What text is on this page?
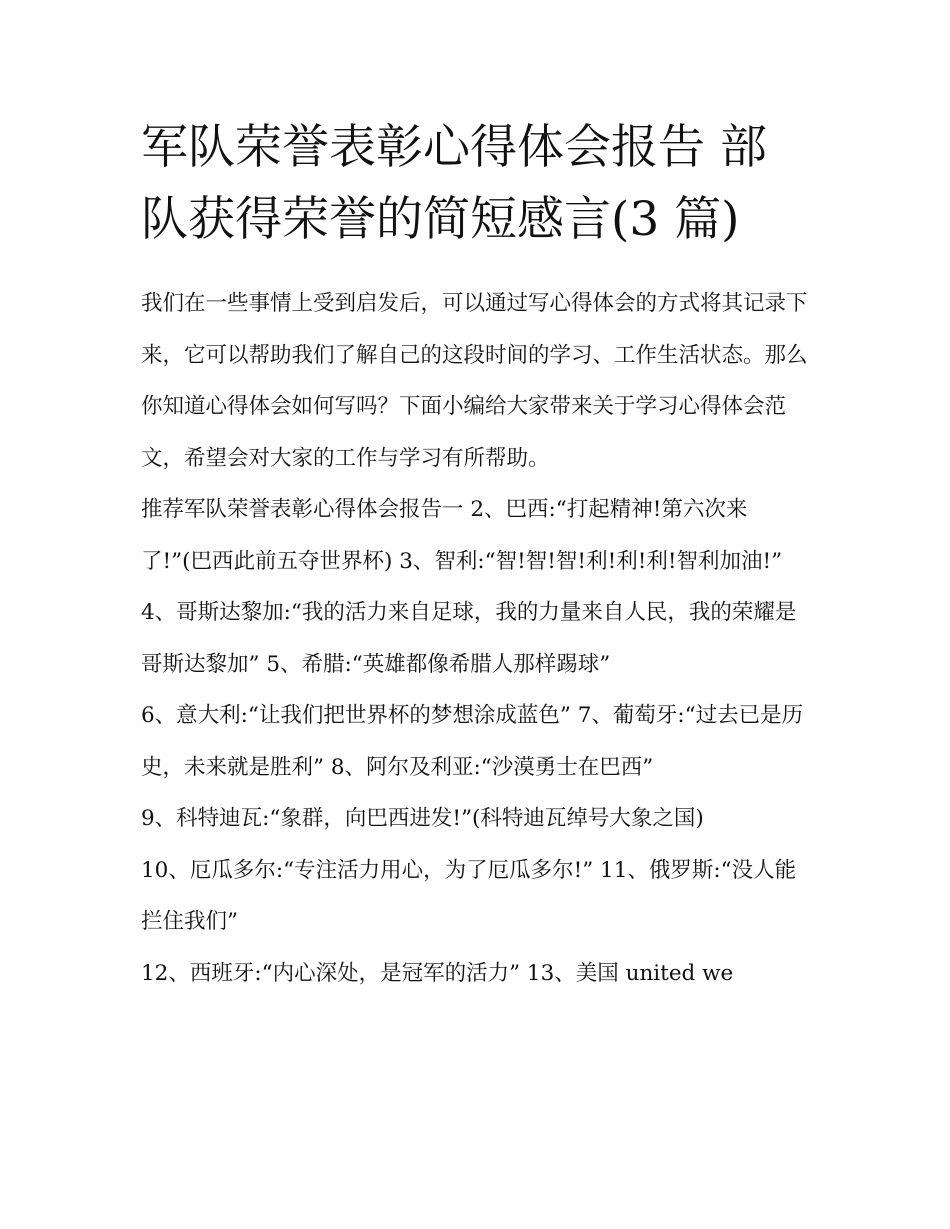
军队荣誉表彰心得体会报告 部队获得荣誉的简短感言(3 篇)

我们在一些事情上受到启发后，可以通过写心得体会的方式将其记录下来，它可以帮助我们了解自己的这段时间的学习、工作生活状态。那么你知道心得体会如何写吗？下面小编给大家带来关于学习心得体会范文，希望会对大家的工作与学习有所帮助。

推荐军队荣誉表彰心得体会报告一 2、巴西:“打起精神!第六次来了!”(巴西此前五夺世界杯) 3、智利:“智!智!智!利!利!利!智利加油!”

4、哥斯达黎加:“我的活力来自足球，我的力量来自人民，我的荣耀是哥斯达黎加” 5、希腊:“英雄都像希腊人那样踢球”

6、意大利:“让我们把世界杯的梦想涂成蓝色” 7、葡萄牙:“过去已是历史，未来就是胜利” 8、阿尔及利亚:“沙漠勇士在巴西”

9、科特迪瓦:“象群，向巴西进发!”(科特迪瓦绰号大象之国)

10、厄瓜多尔:“专注活力用心，为了厄瓜多尔!” 11、俄罗斯:“没人能拦住我们”

12、西班牙:“内心深处，是冠军的活力” 13、美国 united we
